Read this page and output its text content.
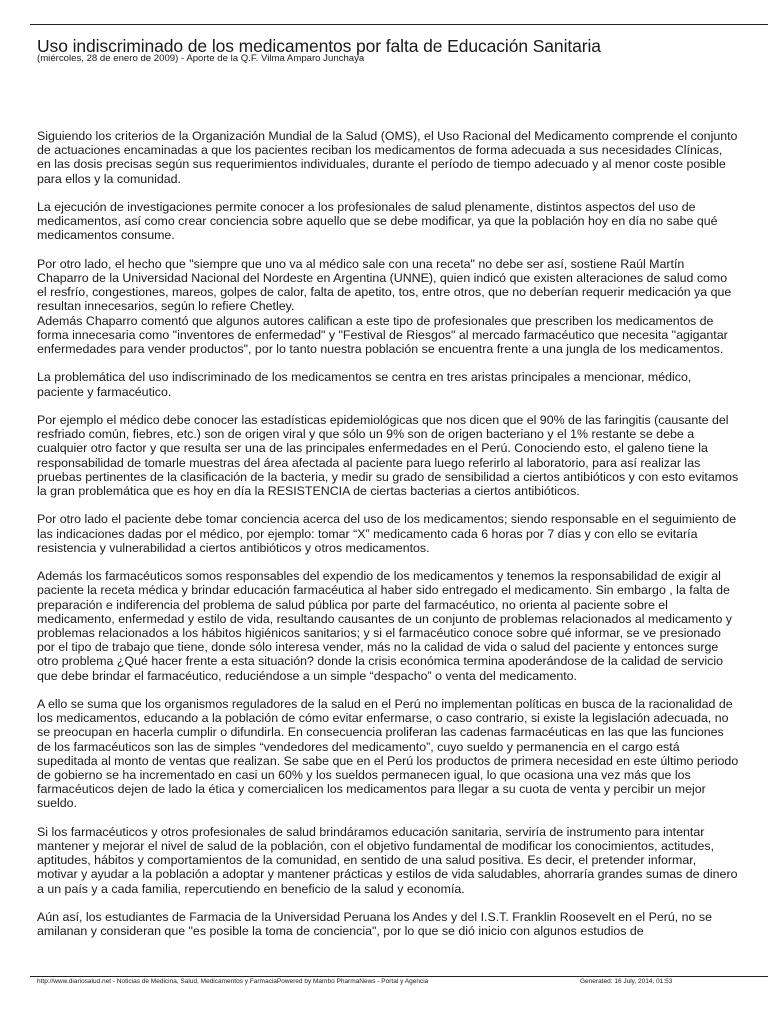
Uso indiscriminado de los medicamentos por falta de Educación Sanitaria
(miércoles, 28 de enero de 2009) - Aporte de la Q.F. Vilma Amparo Junchaya

Siguiendo los criterios de la Organización Mundial de la Salud (OMS), el Uso Racional del Medicamento comprende el conjunto de actuaciones encaminadas a que los pacientes reciban los medicamentos de forma adecuada a sus necesidades Clínicas, en las dosis precisas según sus requerimientos individuales, durante el período de tiempo adecuado y al menor coste posible para ellos y la comunidad.

La ejecución de investigaciones permite conocer a los profesionales de salud plenamente, distintos aspectos del uso de medicamentos, así como crear conciencia sobre aquello que se debe modificar, ya que la población hoy en día no sabe qué medicamentos consume.

Por otro lado, el hecho que "siempre que uno va al médico sale con una receta" no debe ser así, sostiene Raúl Martín Chaparro de la Universidad Nacional del Nordeste en Argentina (UNNE), quien indicó que existen alteraciones de salud como el resfrío, congestiones, mareos, golpes de calor, falta de apetito, tos, entre otros, que no deberían requerir medicación ya que resultan innecesarios, según lo refiere Chetley.

Además Chaparro comentó que algunos autores califican a este tipo de profesionales que prescriben los medicamentos de forma innecesaria como "inventores de enfermedad" y "Festival de Riesgos" al mercado farmacéutico que necesita "agigantar enfermedades para vender productos", por lo tanto nuestra población se encuentra frente a una jungla de los medicamentos.

La problemática del uso indiscriminado de los medicamentos se centra en tres aristas principales a mencionar, médico, paciente y farmacéutico.

Por ejemplo el médico debe conocer las estadísticas epidemiológicas que nos dicen que el 90% de las faringitis (causante del resfriado común, fiebres, etc.) son de origen viral y que sólo un 9% son de origen bacteriano y el 1% restante se debe a cualquier otro factor y que resulta ser una de las principales enfermedades en el Perú. Conociendo esto, el galeno tiene la responsabilidad de tomarle muestras del área afectada al paciente para luego referirlo al laboratorio, para así realizar las pruebas pertinentes de la clasificación de la bacteria, y medir su grado de sensibilidad a ciertos antibióticos y con esto evitamos la gran problemática que es hoy en día la RESISTENCIA de ciertas bacterias a ciertos antibióticos.

Por otro lado el paciente debe tomar conciencia acerca del uso de los medicamentos; siendo responsable en el seguimiento de las indicaciones dadas por el médico, por ejemplo: tomar “X” medicamento cada 6 horas por 7 días y con ello se evitaría resistencia y vulnerabilidad a ciertos antibióticos y otros medicamentos.

Además los farmacéuticos somos responsables del expendio de los medicamentos y tenemos la responsabilidad de exigir al paciente la receta médica y brindar educación farmacéutica al haber sido entregado el medicamento. Sin embargo , la falta de preparación e indiferencia del problema de salud pública por parte del farmacéutico, no orienta al paciente sobre el medicamento, enfermedad y estilo de vida, resultando causantes de un conjunto de problemas relacionados al medicamento y problemas relacionados a los hábitos higiénicos sanitarios; y si el farmacéutico conoce sobre qué informar, se ve presionado por el tipo de trabajo que tiene, donde sólo interesa vender, más no la calidad de vida o salud del paciente y entonces surge otro problema ¿Qué hacer frente a esta situación? donde la crisis económica termina apoderándose de la calidad de servicio que debe brindar el farmacéutico, reduciéndose a un simple “despacho” o venta del medicamento.

A ello se suma que los organismos reguladores de la salud en el Perú no implementan políticas en busca de la racionalidad de los medicamentos, educando a la población de cómo evitar enfermarse, o caso contrario, si existe la legislación adecuada, no se preocupan en hacerla cumplir o difundirla. En consecuencia proliferan las cadenas farmacéuticas en las que las funciones de los farmacéuticos son las de simples “vendedores del medicamento”, cuyo sueldo y permanencia en el cargo está supeditada al monto de ventas que realizan. Se sabe que en el Perú los productos de primera necesidad en este último periodo de gobierno se ha incrementado en casi un 60% y los sueldos permanecen igual, lo que ocasiona una vez más que los farmacéuticos dejen de lado la ética y comercialicen los medicamentos para llegar a su cuota de venta y percibir un mejor sueldo.

Si los farmacéuticos y otros profesionales de salud brindáramos educación sanitaria, serviría de instrumento para intentar mantener y mejorar el nivel de salud de la población, con el objetivo fundamental de modificar los conocimientos, actitudes, aptitudes, hábitos y comportamientos de la comunidad, en sentido de una salud positiva. Es decir, el pretender informar, motivar y ayudar a la población a adoptar y mantener prácticas y estilos de vida saludables, ahorraría grandes sumas de dinero a un país y a cada familia, repercutiendo en beneficio de la salud y economía.

Aún así, los estudiantes de Farmacia de la Universidad Peruana los Andes y del I.S.T. Franklin Roosevelt en el Perú, no se amilanan y consideran que "es posible la toma de conciencia", por lo que se dió inicio con algunos estudios de

http://www.diariosalud.net - Noticias de Medicina, Salud, Medicamentos y FarmaciaPowered by Mambo PharmaNews - Portal y Agencia	Generated: 16 July, 2014, 01:53
